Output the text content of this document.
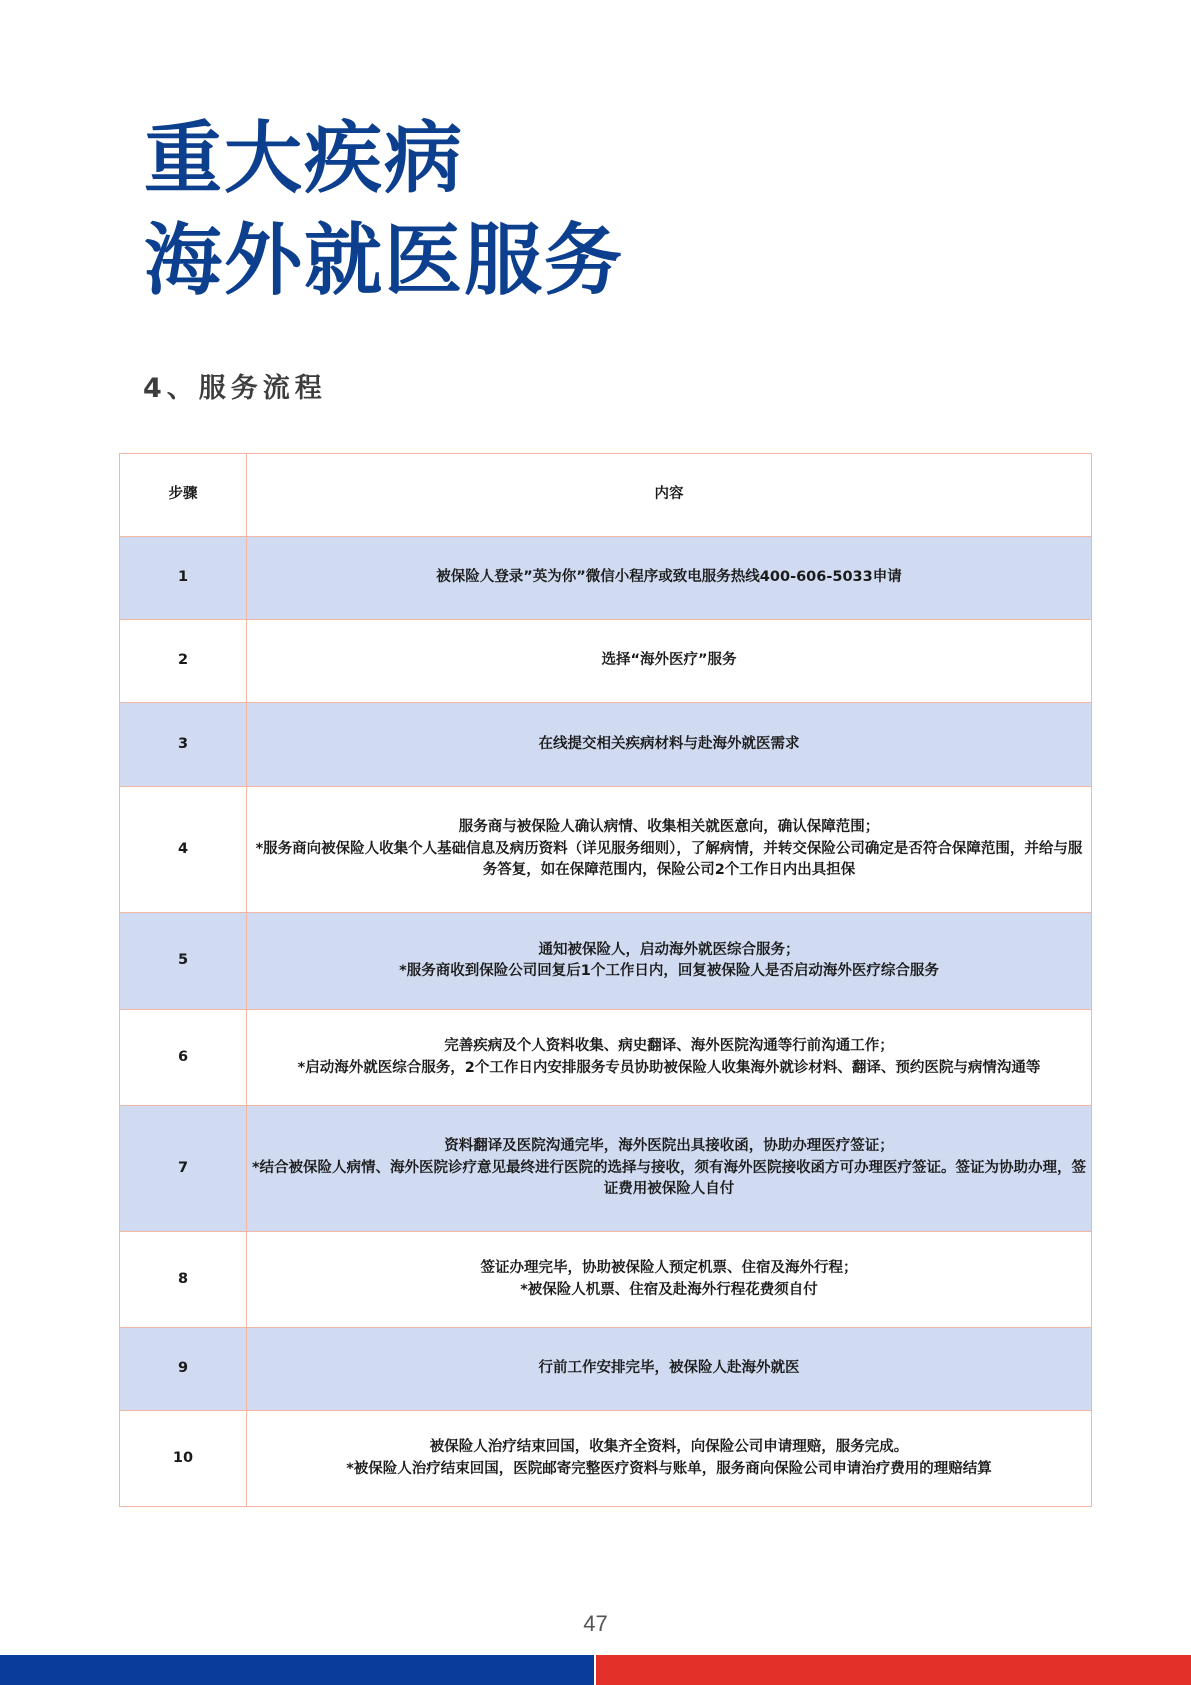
重大疾病
海外就医服务
4、服务流程
步骤	内容
1	被保险人登录”英为你”微信小程序或致电服务热线400-606-5033申请

2	选择“海外医疗”服务

3	在线提交相关疾病材料与赴海外就医需求

4	服务商与被保险人确认病情、收集相关就医意向，确认保障范围；
*服务商向被保险人收集个人基础信息及病历资料（详见服务细则），了解病情，并转交保险公司确定是否符合保障范围，并给与服务答复，如在保障范围内，保险公司2个工作日内出具担保

5	通知被保险人，启动海外就医综合服务；
*服务商收到保险公司回复后1个工作日内，回复被保险人是否启动海外医疗综合服务

6	完善疾病及个人资料收集、病史翻译、海外医院沟通等行前沟通工作；
*启动海外就医综合服务，2个工作日内安排服务专员协助被保险人收集海外就诊材料、翻译、预约医院与病情沟通等

7	资料翻译及医院沟通完毕，海外医院出具接收函，协助办理医疗签证；
*结合被保险人病情、海外医院诊疗意见最终进行医院的选择与接收，须有海外医院接收函方可办理医疗签证。签证为协助办理，签证费用被保险人自付

8	签证办理完毕，协助被保险人预定机票、住宿及海外行程；
*被保险人机票、住宿及赴海外行程花费须自付

9	行前工作安排完毕，被保险人赴海外就医

10	被保险人治疗结束回国，收集齐全资料，向保险公司申请理赔，服务完成。
*被保险人治疗结束回国，医院邮寄完整医疗资料与账单，服务商向保险公司申请治疗费用的理赔结算
47
